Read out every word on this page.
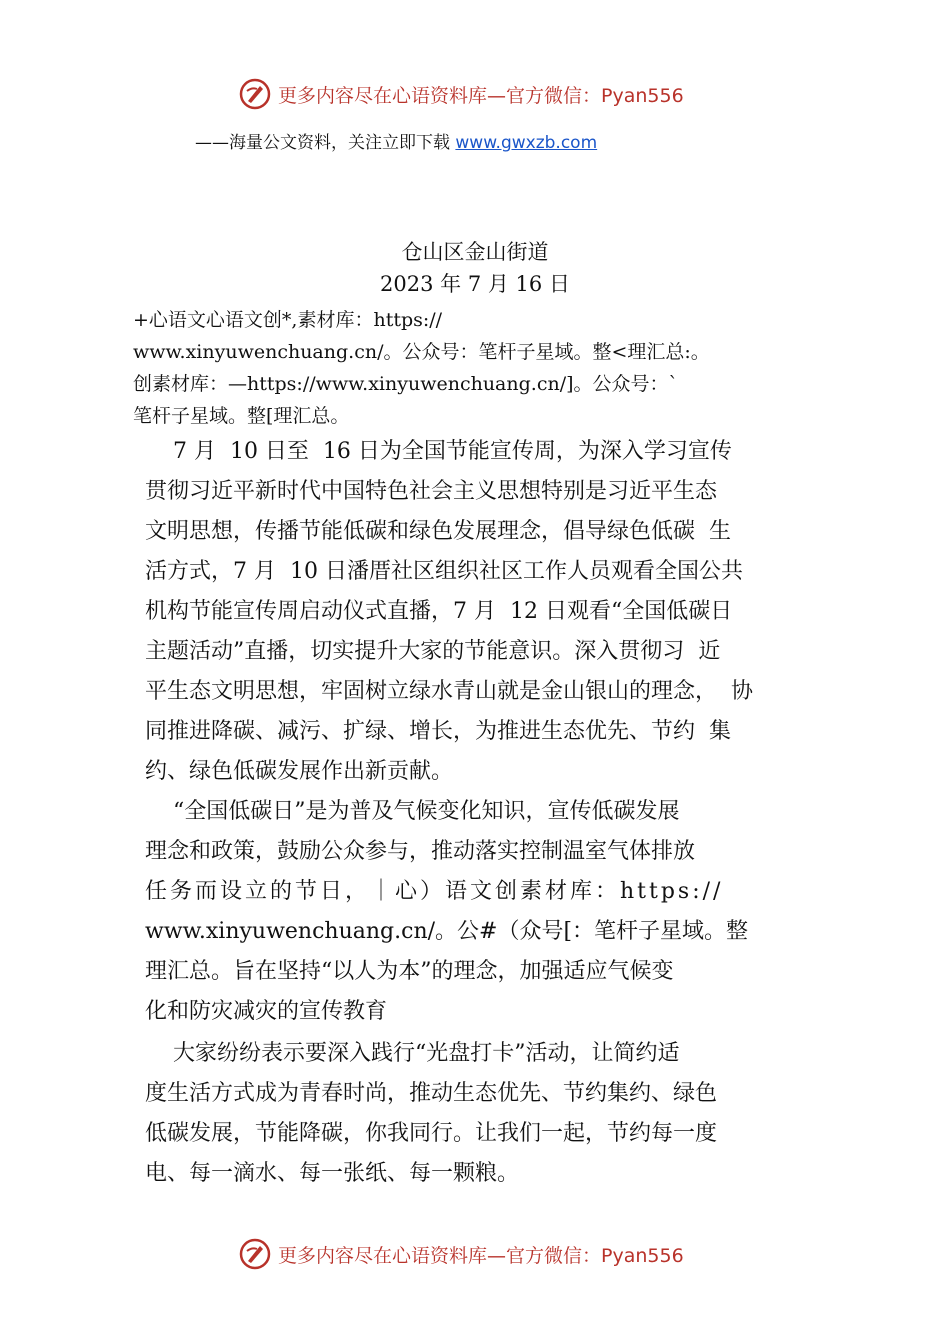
更多内容尽在心语资料库—官方微信：Pyan556
——海量公文资料，关注立即下载 www.gwxzb.com
仓山区金山街道
2023 年 7 月 16 日
+心语文心语文创*,素材库：https://
www.xinyuwenchuang.cn/。公众号：笔杆子星域。整<理汇总:。
创素材库：—https://www.xinyuwenchuang.cn/]。公众号：`
笔杆子星域。整[理汇总。
7 月  10 日至  16 日为全国节能宣传周，为深入学习宣传
贯彻习近平新时代中国特色社会主义思想特别是习近平生态
文明思想，传播节能低碳和绿色发展理念，倡导绿色低碳  生
活方式，7 月  10 日潘厝社区组织社区工作人员观看全国公共
机构节能宣传周启动仪式直播，7 月  12 日观看“全国低碳日
主题活动”直播，切实提升大家的节能意识。深入贯彻习  近
平生态文明思想，牢固树立绿水青山就是金山银山的理念，  协
同推进降碳、减污、扩绿、增长，为推进生态优先、节约  集
约、绿色低碳发展作出新贡献。
“全国低碳日”是为普及气候变化知识，宣传低碳发展
理念和政策，鼓励公众参与，推动落实控制温室气体排放
任务而设立的节日，｜心）语文创素材库：https://
www.xinyuwenchuang.cn/。公#（众号[：笔杆子星域。整
理汇总。旨在坚持“以人为本”的理念，加强适应气候变
化和防灾减灾的宣传教育
大家纷纷表示要深入践行“光盘打卡”活动，让简约适
度生活方式成为青春时尚，推动生态优先、节约集约、绿色
低碳发展，节能降碳，你我同行。让我们一起，节约每一度
电、每一滴水、每一张纸、每一颗粮。
更多内容尽在心语资料库—官方微信：Pyan556
